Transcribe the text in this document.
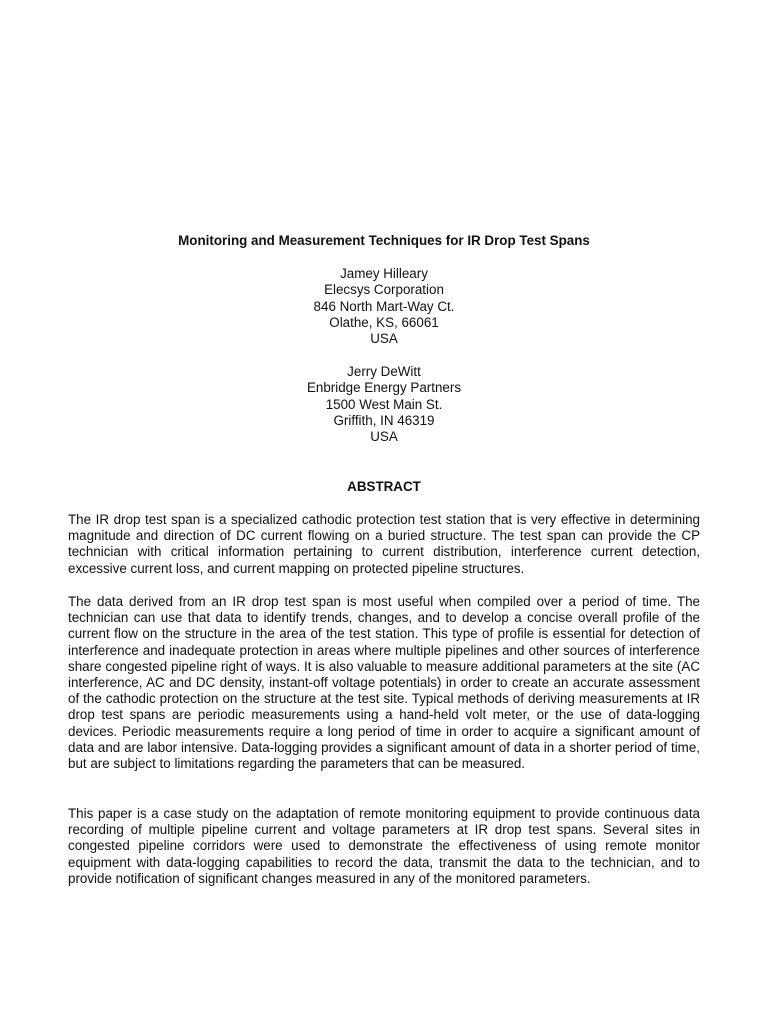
Monitoring and Measurement Techniques for IR Drop Test Spans
Jamey Hilleary
Elecsys Corporation
846 North Mart-Way Ct.
Olathe, KS, 66061
USA
Jerry DeWitt
Enbridge Energy Partners
1500 West Main St.
Griffith, IN 46319
USA
ABSTRACT

The IR drop test span is a specialized cathodic protection test station that is very effective in determining magnitude and direction of DC current flowing on a buried structure. The test span can provide the CP technician with critical information pertaining to current distribution, interference current detection, excessive current loss, and current mapping on protected pipeline structures.

The data derived from an IR drop test span is most useful when compiled over a period of time. The technician can use that data to identify trends, changes, and to develop a concise overall profile of the current flow on the structure in the area of the test station. This type of profile is essential for detection of interference and inadequate protection in areas where multiple pipelines and other sources of interference share congested pipeline right of ways. It is also valuable to measure additional parameters at the site (AC interference, AC and DC density, instant-off voltage potentials) in order to create an accurate assessment of the cathodic protection on the structure at the test site. Typical methods of deriving measurements at IR drop test spans are periodic measurements using a hand-held volt meter, or the use of data-logging devices. Periodic measurements require a long period of time in order to acquire a significant amount of data and are labor intensive. Data-logging provides a significant amount of data in a shorter period of time, but are subject to limitations regarding the parameters that can be measured.

This paper is a case study on the adaptation of remote monitoring equipment to provide continuous data recording of multiple pipeline current and voltage parameters at IR drop test spans. Several sites in congested pipeline corridors were used to demonstrate the effectiveness of using remote monitor equipment with data-logging capabilities to record the data, transmit the data to the technician, and to provide notification of significant changes measured in any of the monitored parameters.
